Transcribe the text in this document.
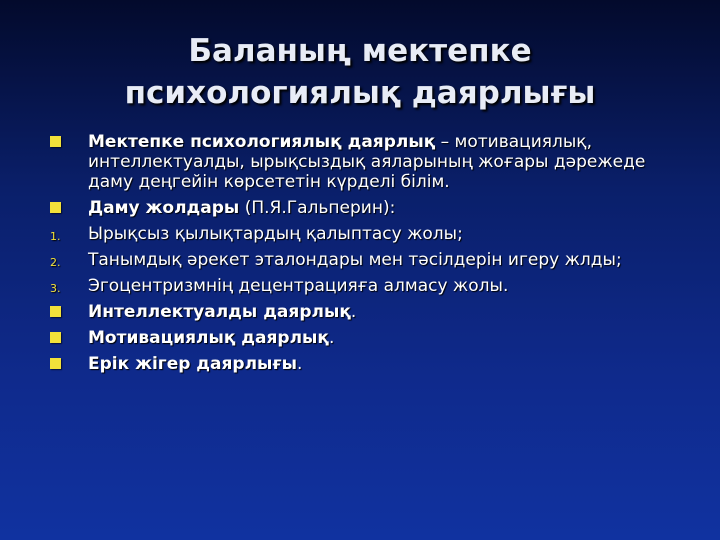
Баланың мектепке
психологиялық даярлығы
Мектепке психологиялық даярлық – мотивациялық, интеллектуалды, ырықсыздық аяларының жоғары дәрежеде даму деңгейін көрсететін күрделі білім.
Даму жолдары (П.Я.Гальперин):
1. Ырықсыз қылықтардың қалыптасу жолы;
2. Танымдық әрекет эталондары мен тәсілдерін игеру жлды;
3. Эгоцентризмнің децентрацияға алмасу жолы.
Интеллектуалды даярлық.
Мотивациялық даярлық.
Ерік жігер даярлығы.
